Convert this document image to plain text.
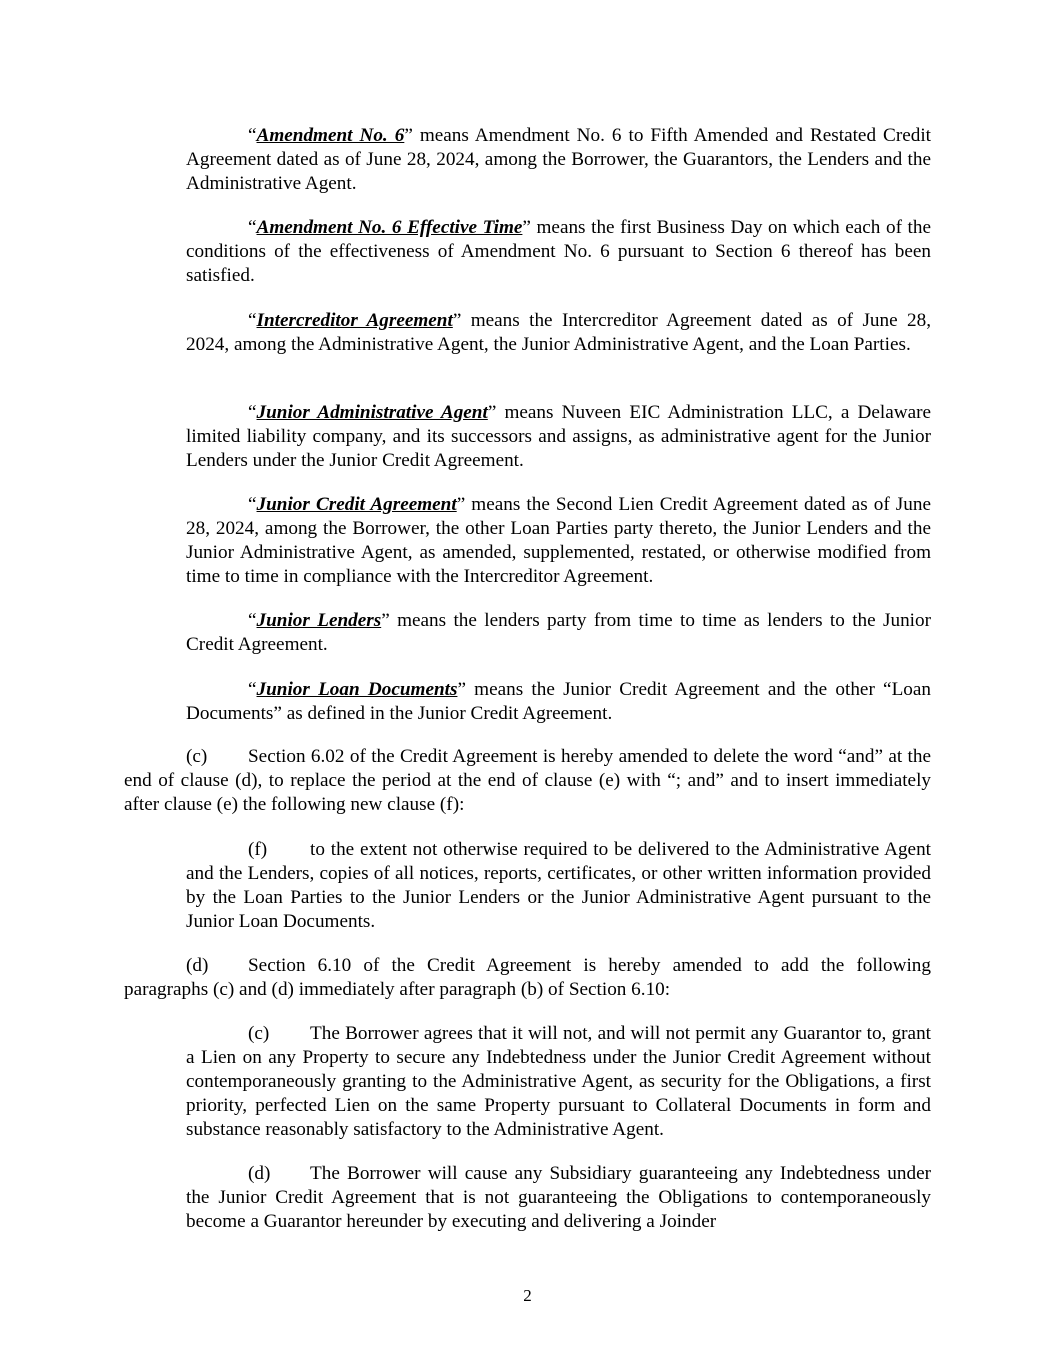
“Amendment No. 6” means Amendment No. 6 to Fifth Amended and Restated Credit Agreement dated as of June 28, 2024, among the Borrower, the Guarantors, the Lenders and the Administrative Agent.

“Amendment No. 6 Effective Time” means the first Business Day on which each of the conditions of the effectiveness of Amendment No. 6 pursuant to Section 6 thereof has been satisfied.

“Intercreditor Agreement” means the Intercreditor Agreement dated as of June 28, 2024, among the Administrative Agent, the Junior Administrative Agent, and the Loan Parties.

“Junior Administrative Agent” means Nuveen EIC Administration LLC, a Delaware limited liability company, and its successors and assigns, as administrative agent for the Junior Lenders under the Junior Credit Agreement.

“Junior Credit Agreement” means the Second Lien Credit Agreement dated as of June 28, 2024, among the Borrower, the other Loan Parties party thereto, the Junior Lenders and the Junior Administrative Agent, as amended, supplemented, restated, or otherwise modified from time to time in compliance with the Intercreditor Agreement.

“Junior Lenders” means the lenders party from time to time as lenders to the Junior Credit Agreement.

“Junior Loan Documents” means the Junior Credit Agreement and the other “Loan Documents” as defined in the Junior Credit Agreement.

(c) Section 6.02 of the Credit Agreement is hereby amended to delete the word “and” at the end of clause (d), to replace the period at the end of clause (e) with “; and” and to insert immediately after clause (e) the following new clause (f):

(f) to the extent not otherwise required to be delivered to the Administrative Agent and the Lenders, copies of all notices, reports, certificates, or other written information provided by the Loan Parties to the Junior Lenders or the Junior Administrative Agent pursuant to the Junior Loan Documents.

(d) Section 6.10 of the Credit Agreement is hereby amended to add the following paragraphs (c) and (d) immediately after paragraph (b) of Section 6.10:

(c) The Borrower agrees that it will not, and will not permit any Guarantor to, grant a Lien on any Property to secure any Indebtedness under the Junior Credit Agreement without contemporaneously granting to the Administrative Agent, as security for the Obligations, a first priority, perfected Lien on the same Property pursuant to Collateral Documents in form and substance reasonably satisfactory to the Administrative Agent.

(d) The Borrower will cause any Subsidiary guaranteeing any Indebtedness under the Junior Credit Agreement that is not guaranteeing the Obligations to contemporaneously become a Guarantor hereunder by executing and delivering a Joinder

2
